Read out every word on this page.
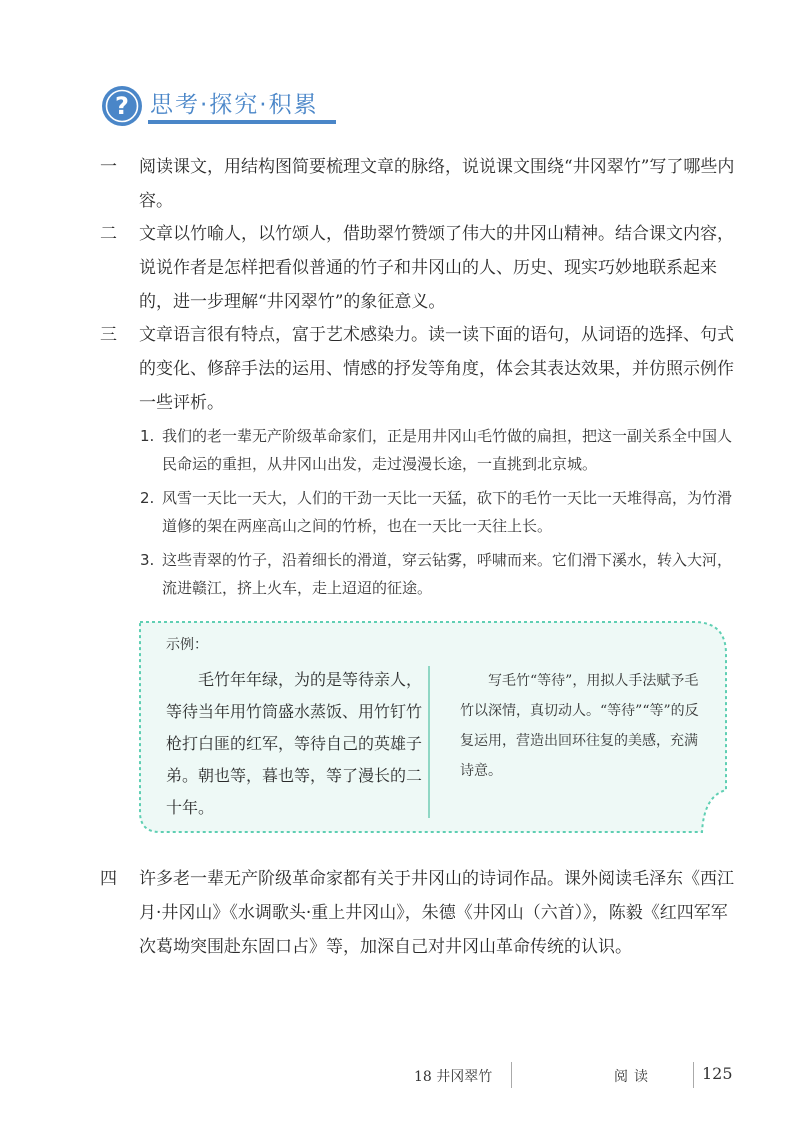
? 思考·探究·积累
一	阅读课文，用结构图简要梳理文章的脉络，说说课文围绕“井冈翠竹”写了哪些内容。
二	文章以竹喻人，以竹颂人，借助翠竹赞颂了伟大的井冈山精神。结合课文内容，说说作者是怎样把看似普通的竹子和井冈山的人、历史、现实巧妙地联系起来的，进一步理解“井冈翠竹”的象征意义。
三	文章语言很有特点，富于艺术感染力。读一读下面的语句，从词语的选择、句式的变化、修辞手法的运用、情感的抒发等角度，体会其表达效果，并仿照示例作一些评析。
1. 我们的老一辈无产阶级革命家们，正是用井冈山毛竹做的扁担，把这一副关系全中国人民命运的重担，从井冈山出发，走过漫漫长途，一直挑到北京城。
2. 风雪一天比一天大，人们的干劲一天比一天猛，砍下的毛竹一天比一天堆得高，为竹滑道修的架在两座高山之间的竹桥，也在一天比一天往上长。
3. 这些青翠的竹子，沿着细长的滑道，穿云钻雾，呼啸而来。它们滑下溪水，转入大河，流进赣江，挤上火车，走上迢迢的征途。
示例：
毛竹年年绿，为的是等待亲人，等待当年用竹筒盛水蒸饭、用竹钉竹枪打白匪的红军，等待自己的英雄子弟。朝也等，暮也等，等了漫长的二十年。
写毛竹“等待”，用拟人手法赋予毛竹以深情，真切动人。“等待”“等”的反复运用，营造出回环往复的美感，充满诗意。
四	许多老一辈无产阶级革命家都有关于井冈山的诗词作品。课外阅读毛泽东《西江月·井冈山》《水调歌头·重上井冈山》，朱德《井冈山（六首）》，陈毅《红四军军次葛坳突围赴东固口占》等，加深自己对井冈山革命传统的认识。
18 井冈翠竹	阅读	125
